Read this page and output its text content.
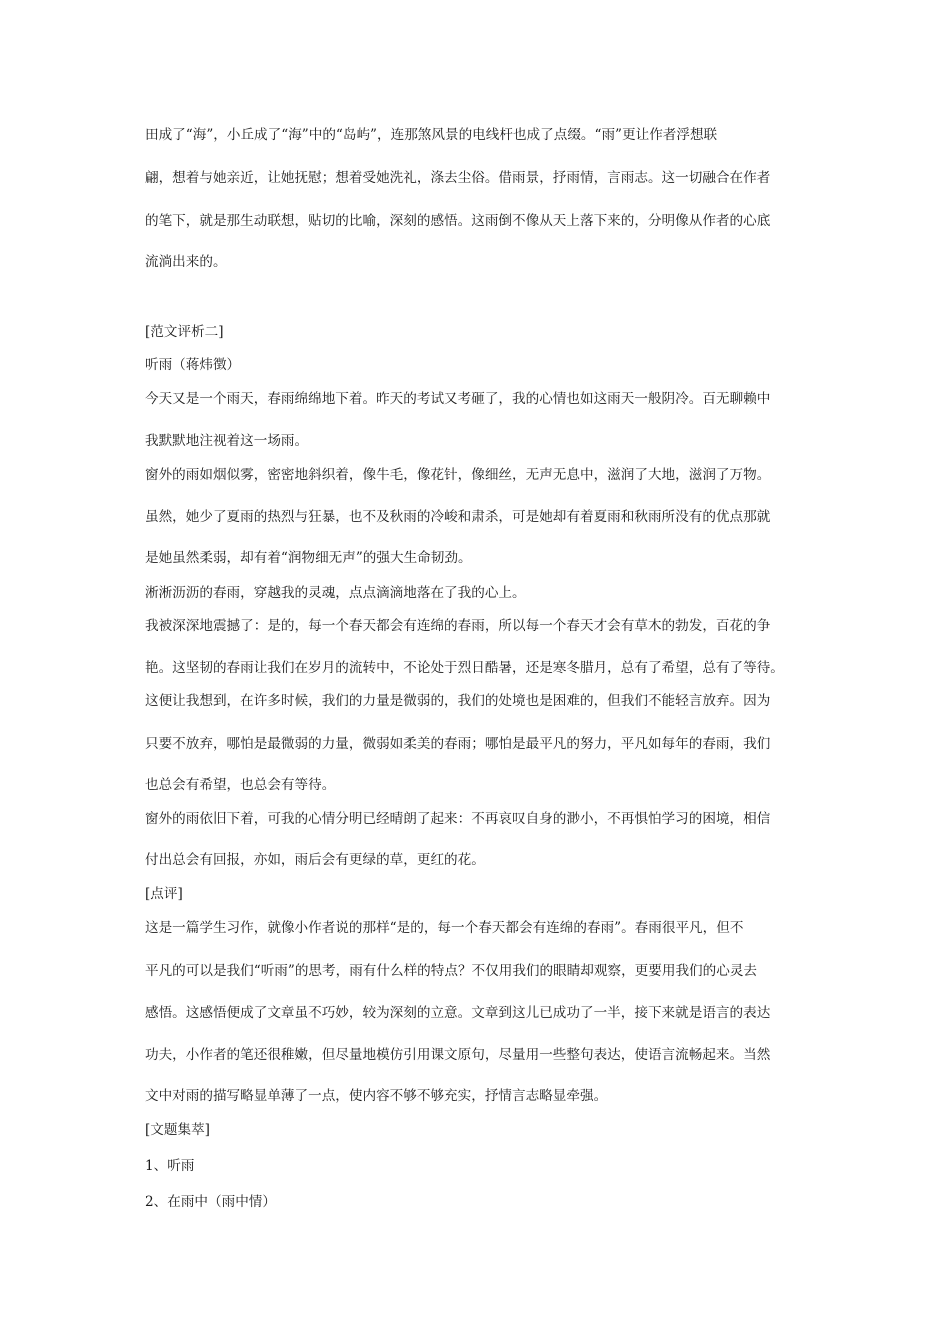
田成了“海”，小丘成了“海”中的“岛屿”，连那煞风景的电线杆也成了点缀。“雨”更让作者浮想联
翩，想着与她亲近，让她抚慰；想着受她洗礼，涤去尘俗。借雨景，抒雨情，言雨志。这一切融合在作者
的笔下，就是那生动联想，贴切的比喻，深刻的感悟。这雨倒不像从天上落下来的，分明像从作者的心底
流淌出来的。
[范文评析二]
听雨（蒋炜徴）
今天又是一个雨天，春雨绵绵地下着。昨天的考试又考砸了，我的心情也如这雨天一般阴冷。百无聊赖中
我默默地注视着这一场雨。
窗外的雨如烟似雾，密密地斜织着，像牛毛，像花针，像细丝，无声无息中，滋润了大地，滋润了万物。
虽然，她少了夏雨的热烈与狂暴，也不及秋雨的冷峻和肃杀，可是她却有着夏雨和秋雨所没有的优点那就
是她虽然柔弱，却有着“润物细无声”的强大生命韧劲。
淅淅沥沥的春雨，穿越我的灵魂，点点滴滴地落在了我的心上。
我被深深地震撼了：是的，每一个春天都会有连绵的春雨，所以每一个春天才会有草木的勃发，百花的争
艳。这坚韧的春雨让我们在岁月的流转中，不论处于烈日酷暑，还是寒冬腊月，总有了希望，总有了等待。
这便让我想到，在许多时候，我们的力量是微弱的，我们的处境也是困难的，但我们不能轻言放弃。因为
只要不放弃，哪怕是最微弱的力量，微弱如柔美的春雨；哪怕是最平凡的努力，平凡如每年的春雨，我们
也总会有希望，也总会有等待。
窗外的雨依旧下着，可我的心情分明已经晴朗了起来：不再哀叹自身的渺小，不再惧怕学习的困境，相信
付出总会有回报，亦如，雨后会有更绿的草，更红的花。
[点评]
这是一篇学生习作，就像小作者说的那样“是的，每一个春天都会有连绵的春雨”。春雨很平凡，但不
平凡的可以是我们“听雨”的思考，雨有什么样的特点？不仅用我们的眼睛却观察，更要用我们的心灵去
感悟。这感悟便成了文章虽不巧妙，较为深刻的立意。文章到这儿已成功了一半，接下来就是语言的表达
功夫，小作者的笔还很稚嫩，但尽量地模仿引用课文原句，尽量用一些整句表达，使语言流畅起来。当然
文中对雨的描写略显单薄了一点，使内容不够不够充实，抒情言志略显牵强。
[文题集萃]
1、听雨
2、在雨中（雨中情）
